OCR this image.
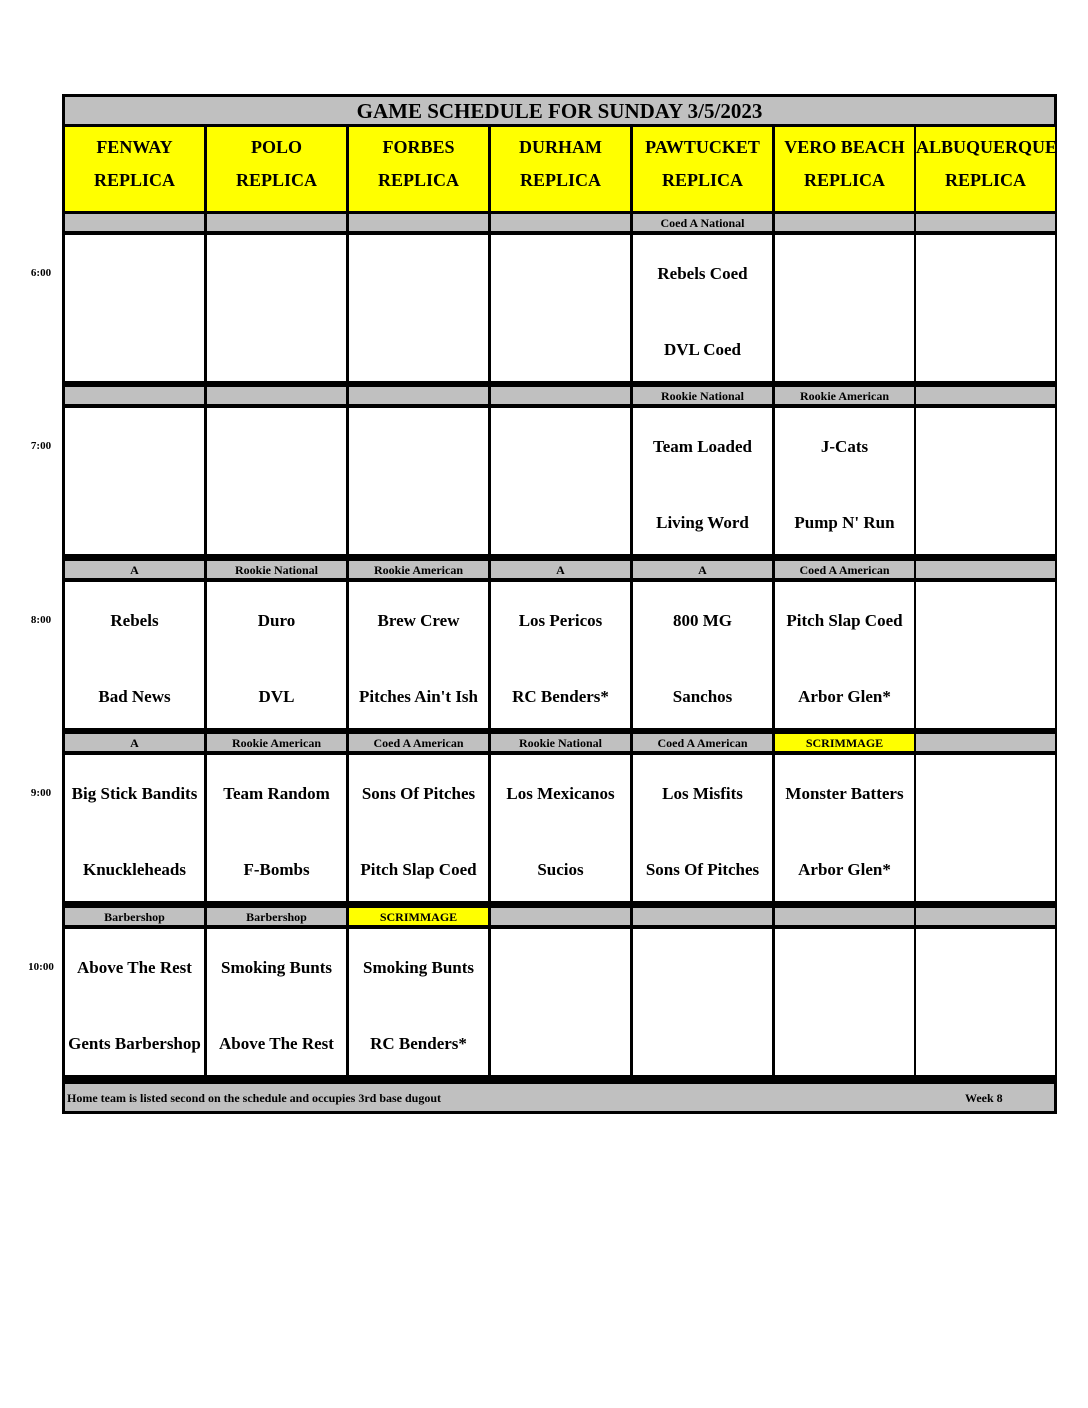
GAME SCHEDULE FOR SUNDAY 3/5/2023
FENWAY
REPLICA
POLO
REPLICA
FORBES
REPLICA
DURHAM
REPLICA
PAWTUCKET
REPLICA
VERO BEACH
REPLICA
ALBUQUERQUE
REPLICA
Coed A National
Rebels Coed
DVL Coed
Rookie National
Team Loaded
Living Word
Rookie American
J-Cats
Pump N' Run
A
Rebels
Bad News
Rookie National
Duro
DVL
Rookie American
Brew Crew
Pitches Ain't Ish
A
Los Pericos
RC Benders*
A
800 MG
Sanchos
Coed A American
Pitch Slap Coed
Arbor Glen*
A
Big Stick Bandits
Knuckleheads
Rookie American
Team Random
F-Bombs
Coed A American
Sons Of Pitches
Pitch Slap Coed
Rookie National
Los Mexicanos
Sucios
Coed A American
Los Misfits
Sons Of Pitches
SCRIMMAGE
Monster Batters
Arbor Glen*
Barbershop
Above The Rest
Gents Barbershop
Barbershop
Smoking Bunts
Above The Rest
SCRIMMAGE
Smoking Bunts
RC Benders*
Home team is listed second on the schedule and occupies 3rd base dugout	Week 8
6:00
7:00
8:00
9:00
10:00
